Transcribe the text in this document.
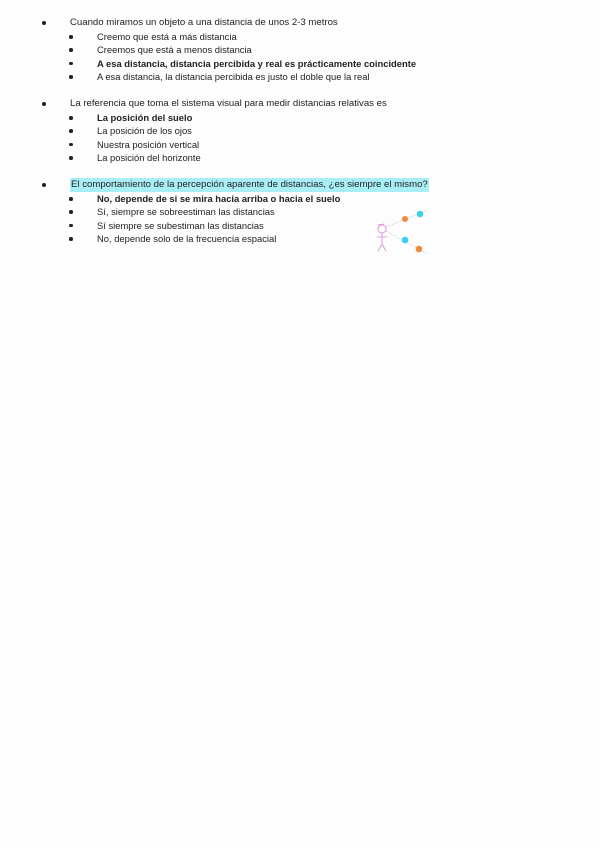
Cuando miramos un objeto a una distancia de unos 2-3 metros
Creemo que está a más distancia
Creemos que está a menos distancia
A esa distancia, distancia percibida y real es prácticamente coincidente
A esa distancia, la distancia percibida es justo el doble que la real
La referencia que toma el sistema visual para medir distancias relativas es
La posición del suelo
La posición de los ojos
Nuestra posición vertical
La posición del horizonte
El comportamiento de la percepción aparente de distancias, ¿es siempre el mismo?
No, depende de si se mira hacia arriba o hacia el suelo
Sí, siempre se sobreestiman las distancias
Sí siempre se subestiman las distancias
No, depende solo de la frecuencia espacial
